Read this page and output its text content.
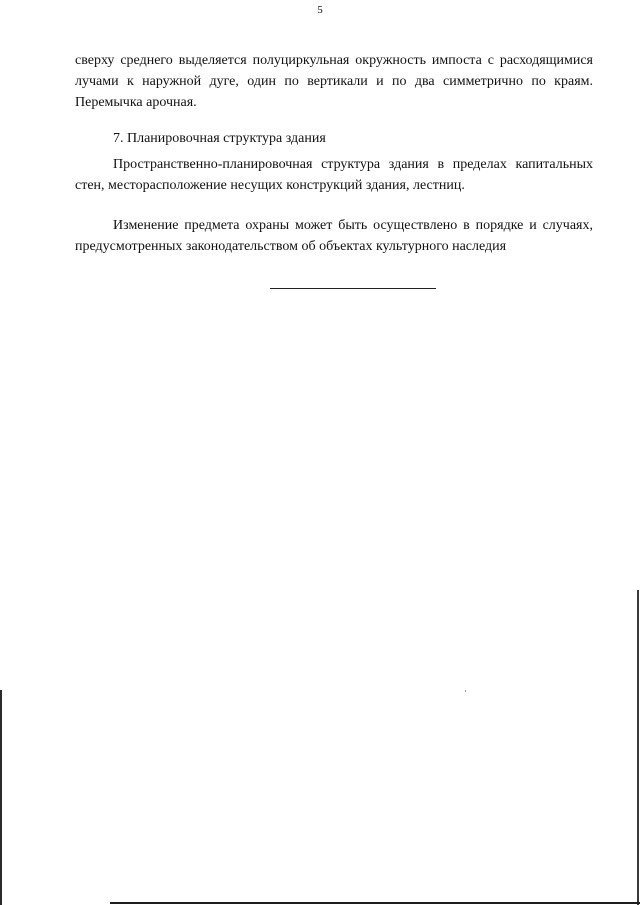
5

сверху среднего выделяется полуциркульная окружность импоста с расходящимися лучами к наружной дуге, один по вертикали и по два симметрично по краям. Перемычка арочная.

7. Планировочная структура здания

Пространственно-планировочная структура здания в пределах капитальных стен, месторасположение несущих конструкций здания, лестниц.

Изменение предмета охраны может быть осуществлено в порядке и случаях, предусмотренных законодательством об объектах культурного наследия
